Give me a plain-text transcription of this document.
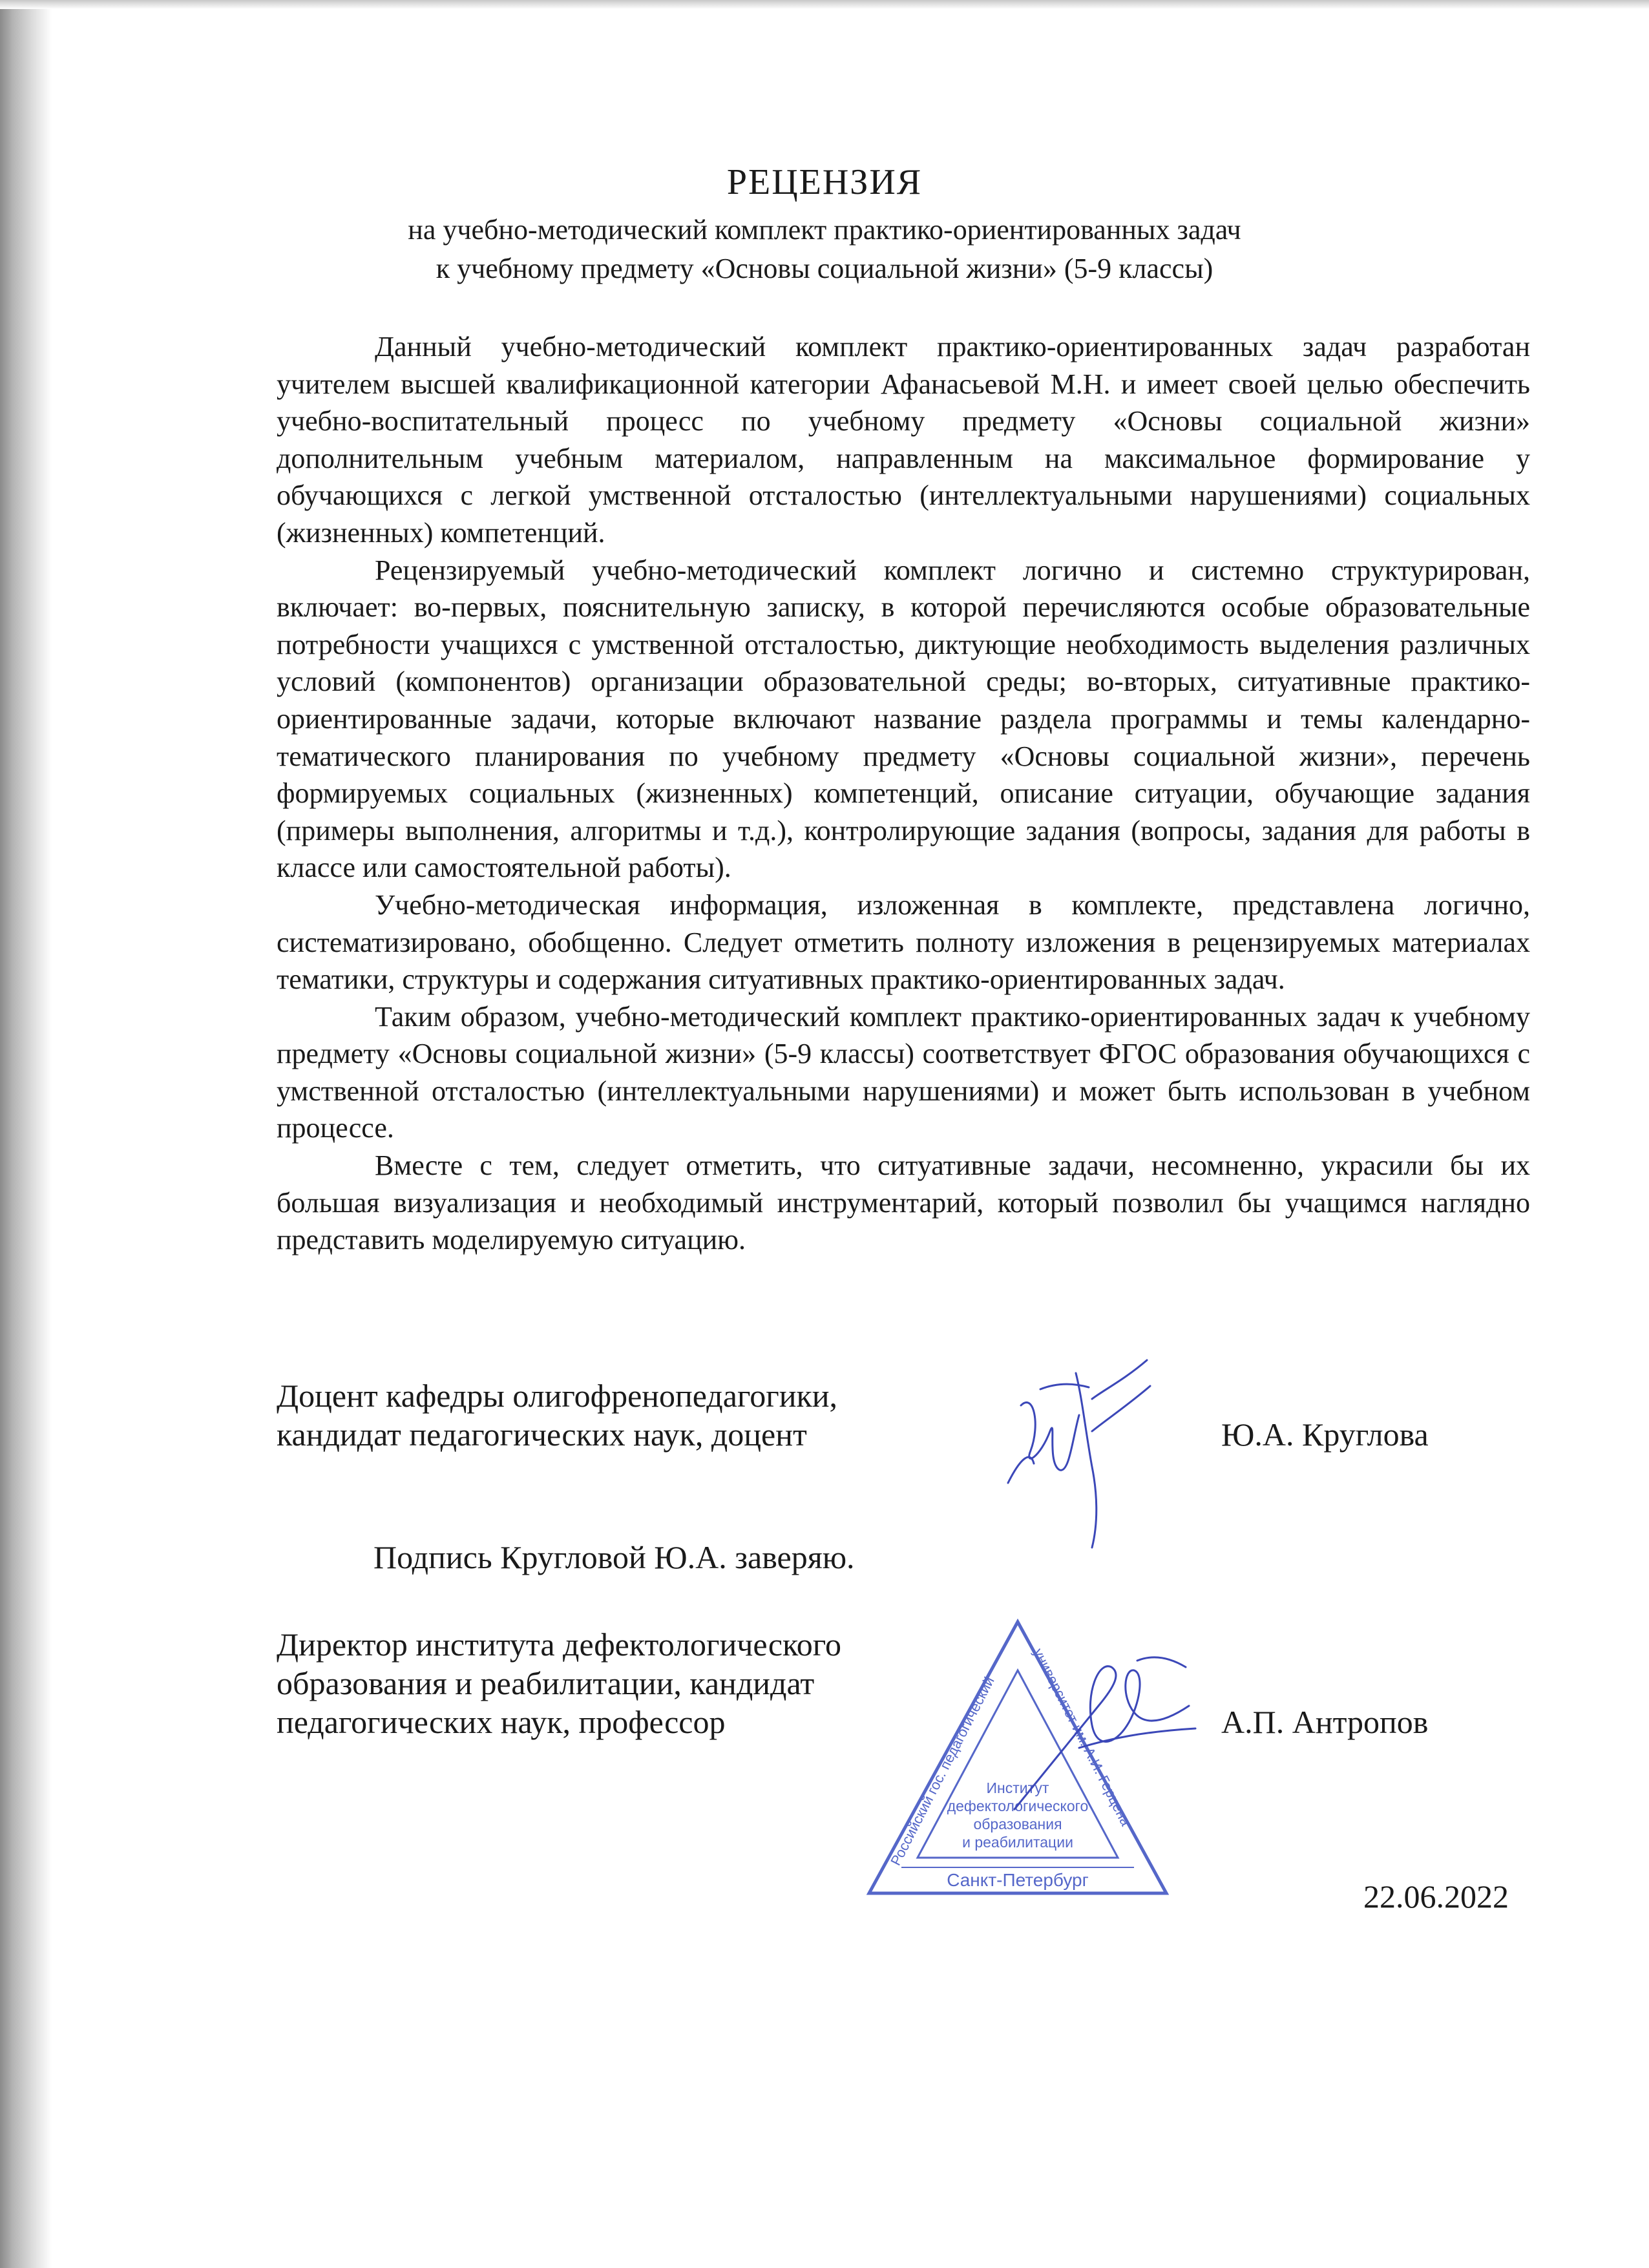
РЕЦЕНЗИЯ

на учебно-методический комплект практико-ориентированных задач

к учебному предмету «Основы социальной жизни» (5-9 классы)

Данный учебно-методический комплект практико-ориентированных задач разработан учителем высшей квалификационной категории Афанасьевой М.Н. и имеет своей целью обеспечить учебно-воспитательный процесс по учебному предмету «Основы социальной жизни» дополнительным учебным материалом, направленным на максимальное формирование у обучающихся с легкой умственной отсталостью (интеллектуальными нарушениями) социальных (жизненных) компетенций.

Рецензируемый учебно-методический комплект логично и системно структурирован, включает: во-первых, пояснительную записку, в которой перечисляются особые образовательные потребности учащихся с умственной отсталостью, диктующие необходимость выделения различных условий (компонентов) организации образовательной среды; во-вторых, ситуативные практико-ориентированные задачи, которые включают название раздела программы и темы календарно-тематического планирования по учебному предмету «Основы социальной жизни», перечень формируемых социальных (жизненных) компетенций, описание ситуации, обучающие задания (примеры выполнения, алгоритмы и т.д.), контролирующие задания (вопросы, задания для работы в классе или самостоятельной работы).

Учебно-методическая информация, изложенная в комплекте, представлена логично, систематизировано, обобщенно. Следует отметить полноту изложения в рецензируемых материалах тематики, структуры и содержания ситуативных практико-ориентированных задач.

Таким образом, учебно-методический комплект практико-ориентированных задач к учебному предмету «Основы социальной жизни» (5-9 классы) соответствует ФГОС образования обучающихся с умственной отсталостью (интеллектуальными нарушениями) и может быть использован в учебном процессе.

Вместе с тем, следует отметить, что ситуативные задачи, несомненно, украсили бы их большая визуализация и необходимый инструментарий, который позволил бы учащимся наглядно представить моделируемую ситуацию.

Доцент кафедры олигофренопедагогики,
кандидат педагогических наук, доцент	Ю.А. Круглова
Подпись Кругловой Ю.А. заверяю.
Директор института дефектологического
образования и реабилитации, кандидат
педагогических наук, профессор
Российский гос. педагогический
университет им. А.И. Герцена
Институт
дефектологического
образования
и реабилитации
Санкт-Петербург
А.П. Антропов
22.06.2022
